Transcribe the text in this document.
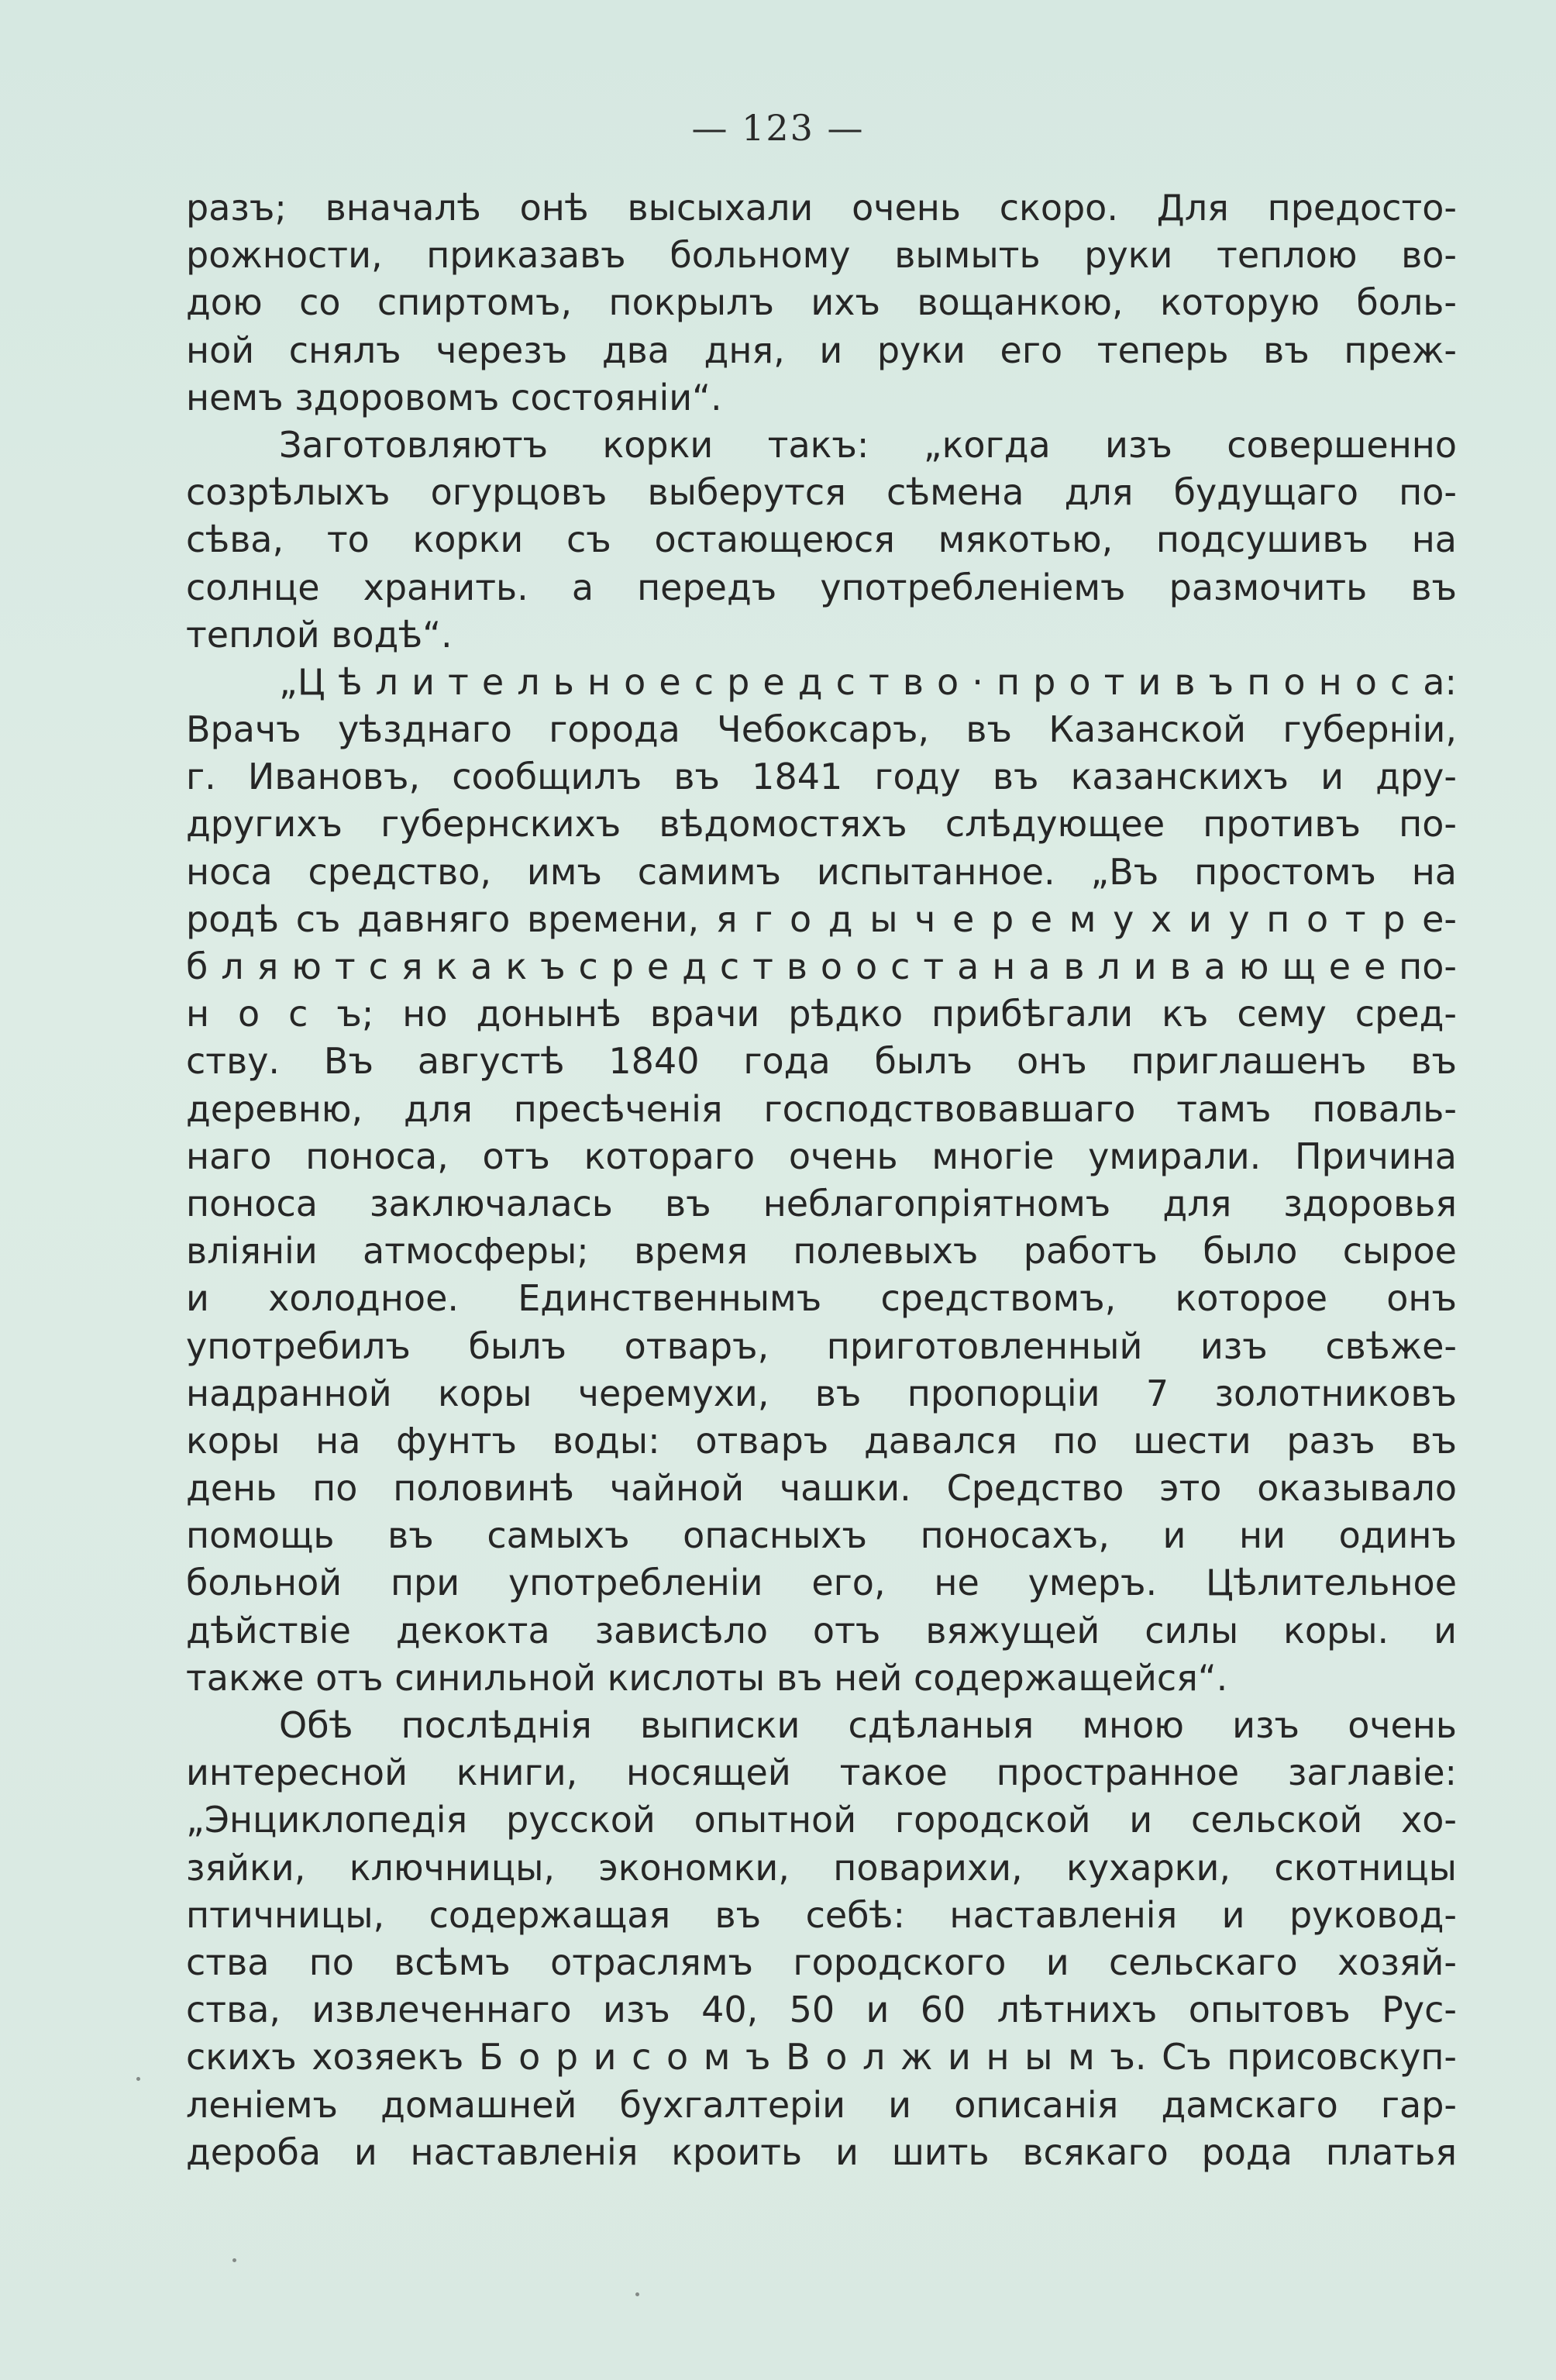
— 123 —

разъ; вначалѣ онѣ высыхали очень скоро. Для предосто-
рожности, приказавъ больному вымыть руки теплою во-
дою со спиртомъ, покрылъ ихъ вощанкою, которую боль-
ной снялъ черезъ два дня, и руки его теперь въ преж-
немъ здоровомъ состоянiи“.
Заготовляютъ корки такъ: „когда изъ совершенно
созрѣлыхъ огурцовъ выберутся сѣмена для будущаго по-
сѣва, то корки съ остающеюся мякотью, подсушивъ на
солнце хранить. а передъ употребленiемъ размочить въ
теплой водѣ“.
„Ц ѣ л и т е л ь н о е с р е д с т в о · п р о т и в ъ п о н о с а:
Врачъ уѣзднаго города Чебоксаръ, въ Казанской губернiи,
г. Ивановъ, сообщилъ въ 1841 году въ казанскихъ и дру-
другихъ губернскихъ вѣдомостяхъ слѣдующее противъ по-
носа средство, имъ самимъ испытанное. „Въ простомъ на
родѣ съ давняго времени, я г о д ы ч е р е м у х и у п о т р е-
б л я ю т с я к а к ъ с р е д с т в о о с т а н а в л и в а ю щ е е по-
н о с ъ; но донынѣ врачи рѣдко прибѣгали къ сему сред-
ству. Въ августѣ 1840 года былъ онъ приглашенъ въ
деревню, для пресѣченiя господствовавшаго тамъ поваль-
наго поноса, отъ котораго очень многiе умирали. Причина
поноса заключалась въ неблагопрiятномъ для здоровья
влiянiи атмосферы; время полевыхъ работъ было сырое
и холодное. Единственнымъ средствомъ, которое онъ
употребилъ былъ отваръ, приготовленный изъ свѣже-
надранной коры черемухи, въ пропорцiи 7 золотниковъ
коры на фунтъ воды: отваръ давался по шести разъ въ
день по половинѣ чайной чашки. Средство это оказывало
помощь въ самыхъ опасныхъ поносахъ, и ни одинъ
больной при употребленiи его, не умеръ. Цѣлительное
дѣйствiе декокта зависѣло отъ вяжущей силы коры. и
также отъ синильной кислоты въ ней содержащейся“.
Обѣ послѣднiя выписки сдѣланыя мною изъ очень
интересной книги, носящей такое пространное заглавiе:
„Энциклопедiя русской опытной городской и сельской хо-
зяйки, ключницы, экономки, поварихи, кухарки, скотницы
птичницы, содержащая въ себѣ: наставленiя и руковод-
ства по всѣмъ отраслямъ городского и сельскаго хозяй-
ства, извлеченнаго изъ 40, 50 и 60 лѣтнихъ опытовъ Рус-
скихъ хозяекъ Б о р и с о м ъ В о л ж и н ы м ъ. Съ присовскуп-
ленiемъ домашней бухгалтерiи и описанiя дамскаго гар-
дероба и наставленiя кроить и шить всякаго рода платья
